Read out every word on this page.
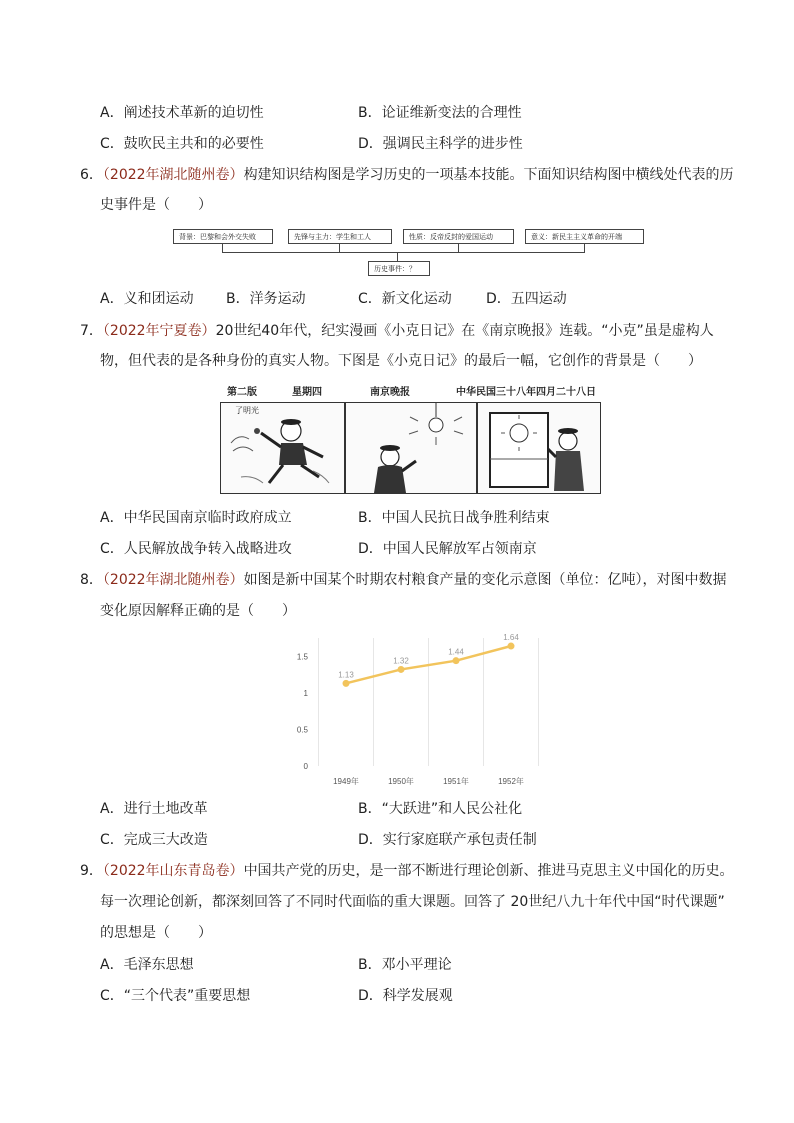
A．阐述技术革新的迫切性	B．论证维新变法的合理性
C．鼓吹民主共和的必要性	D．强调民主科学的进步性
6．（2022年湖北随州卷）构建知识结构图是学习历史的一项基本技能。下面知识结构图中横线处代表的历
史事件是（　　）
背景：巴黎和会外交失败	先锋与主力：学生和工人	性质：反帝反封的爱国运动	意义：新民主主义革命的开端
历史事件：？
A．义和团运动 B．洋务运动	C．新文化运动 D．五四运动
7．（2022年宁夏卷）20世纪40年代，纪实漫画《小克日记》在《南京晚报》连载。“小克”虽是虚构人
物，但代表的是各种身份的真实人物。下图是《小克日记》的最后一幅，它创作的背景是（　　）
第二版	星期四	南京晚报	中华民国三十八年四月二十八日
了明光
A．中华民国南京临时政府成立	B．中国人民抗日战争胜利结束
C．人民解放战争转入战略进攻	D．中国人民解放军占领南京
8．（2022年湖北随州卷）如图是新中国某个时期农村粮食产量的变化示意图（单位：亿吨），对图中数据
变化原因解释正确的是（　　）
0
0.5
1
1.5
1949年	1950年	1951年	1952年
1.13
1.32
1.44
1.64
A．进行土地改革	B．“大跃进”和人民公社化
C．完成三大改造	D．实行家庭联产承包责任制
9．（2022年山东青岛卷）中国共产党的历史，是一部不断进行理论创新、推进马克思主义中国化的历史。
每一次理论创新，都深刻回答了不同时代面临的重大课题。回答了 20世纪八九十年代中国“时代课题”
的思想是（　　）
A．毛泽东思想	B．邓小平理论
C．“三个代表”重要思想	D．科学发展观
